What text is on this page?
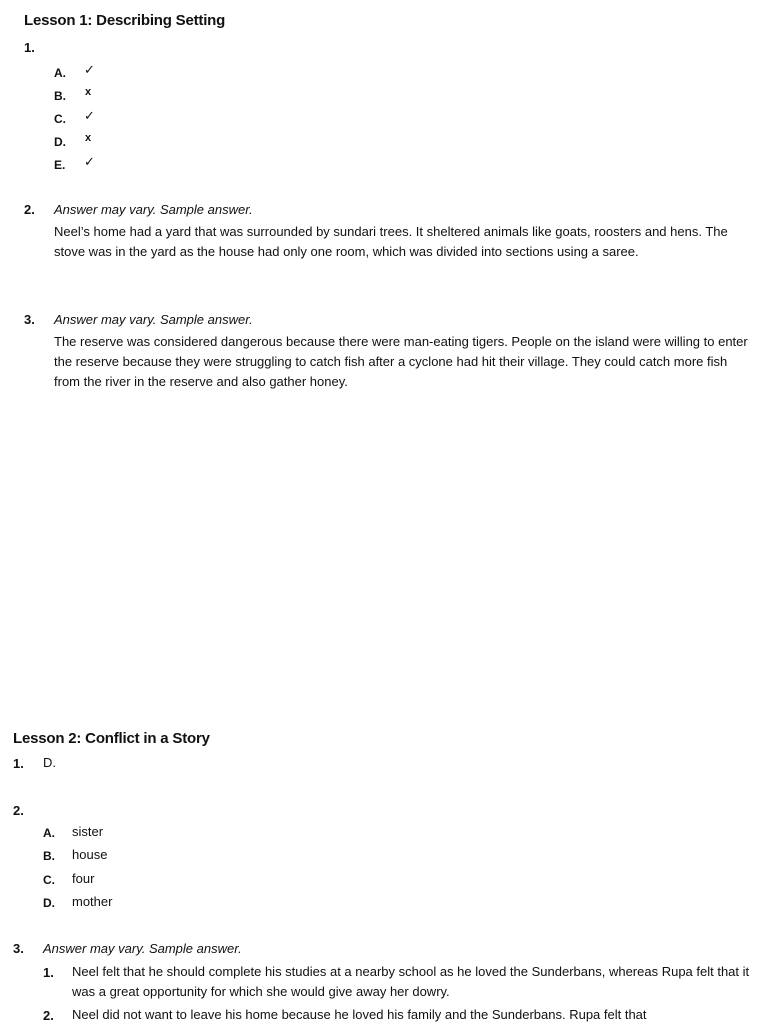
Lesson 1: Describing Setting
1.
A. ✓
B. x
C. ✓
D. x
E. ✓
2. Answer may vary. Sample answer.
Neel’s home had a yard that was surrounded by sundari trees. It sheltered animals like goats, roosters and hens. The stove was in the yard as the house had only one room, which was divided into sections using a saree.
3. Answer may vary. Sample answer.
The reserve was considered dangerous because there were man-eating tigers. People on the island were willing to enter the reserve because they were struggling to catch fish after a cyclone had hit their village. They could catch more fish from the river in the reserve and also gather honey.
Lesson 2: Conflict in a Story
1. D.
2.
A. sister
B. house
C. four
D. mother
3. Answer may vary. Sample answer.
1. Neel felt that he should complete his studies at a nearby school as he loved the Sunderbans, whereas Rupa felt that it was a great opportunity for which she would give away her dowry.
2. Neel did not want to leave his home because he loved his family and the Sunderbans. Rupa felt that
